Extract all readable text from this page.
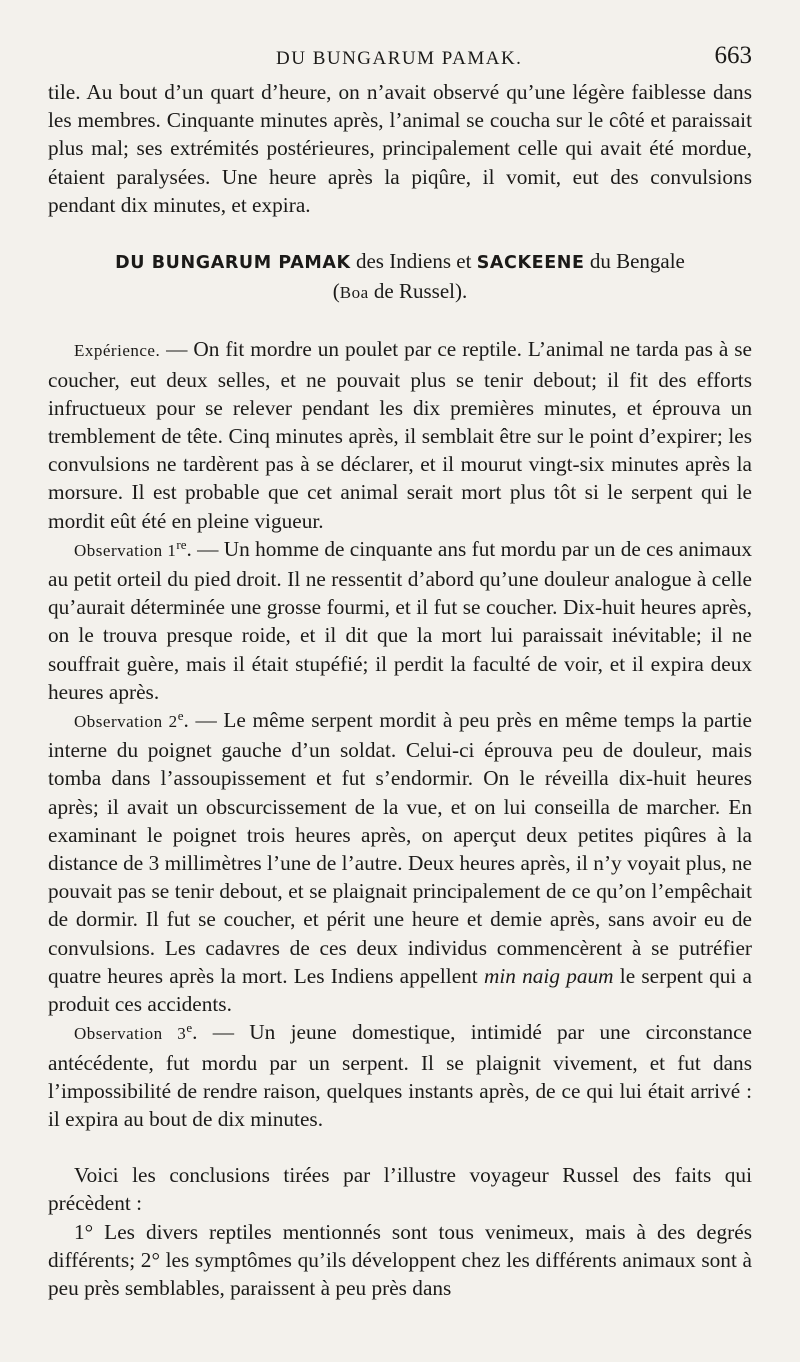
DU BUNGARUM PAMAK.	663

tile. Au bout d’un quart d’heure, on n’avait observé qu’une légère faiblesse dans les membres. Cinquante minutes après, l’animal se coucha sur le côté et paraissait plus mal; ses extrémités postérieures, principalement celle qui avait été mordue, étaient paralysées. Une heure après la piqûre, il vomit, eut des convulsions pendant dix minutes, et expira.

DU BUNGARUM PAMAK des Indiens et SACKEENE du Bengale
(Boa de Russel).

Expérience. — On fit mordre un poulet par ce reptile. L’animal ne tarda pas à se coucher, eut deux selles, et ne pouvait plus se tenir debout; il fit des efforts infructueux pour se relever pendant les dix premières minutes, et éprouva un tremblement de tête. Cinq minutes après, il semblait être sur le point d’expirer; les convulsions ne tardèrent pas à se déclarer, et il mourut vingt-six minutes après la morsure. Il est probable que cet animal serait mort plus tôt si le serpent qui le mordit eût été en pleine vigueur.

Observation 1re. — Un homme de cinquante ans fut mordu par un de ces animaux au petit orteil du pied droit. Il ne ressentit d’abord qu’une douleur analogue à celle qu’aurait déterminée une grosse fourmi, et il fut se coucher. Dix-huit heures après, on le trouva presque roide, et il dit que la mort lui paraissait inévitable; il ne souffrait guère, mais il était stupéfié; il perdit la faculté de voir, et il expira deux heures après.

Observation 2e. — Le même serpent mordit à peu près en même temps la partie interne du poignet gauche d’un soldat. Celui-ci éprouva peu de douleur, mais tomba dans l’assoupissement et fut s’endormir. On le réveilla dix-huit heures après; il avait un obscurcissement de la vue, et on lui conseilla de marcher. En examinant le poignet trois heures après, on aperçut deux petites piqûres à la distance de 3 millimètres l’une de l’autre. Deux heures après, il n’y voyait plus, ne pouvait pas se tenir debout, et se plaignait principalement de ce qu’on l’empêchait de dormir. Il fut se coucher, et périt une heure et demie après, sans avoir eu de convulsions. Les cadavres de ces deux individus commencèrent à se putréfier quatre heures après la mort. Les Indiens appellent min naig paum le serpent qui a produit ces accidents.

Observation 3e. — Un jeune domestique, intimidé par une circonstance antécédente, fut mordu par un serpent. Il se plaignit vivement, et fut dans l’impossibilité de rendre raison, quelques instants après, de ce qui lui était arrivé : il expira au bout de dix minutes.

Voici les conclusions tirées par l’illustre voyageur Russel des faits qui précèdent :

1° Les divers reptiles mentionnés sont tous venimeux, mais à des degrés différents; 2° les symptômes qu’ils développent chez les différents animaux sont à peu près semblables, paraissent à peu près dans
